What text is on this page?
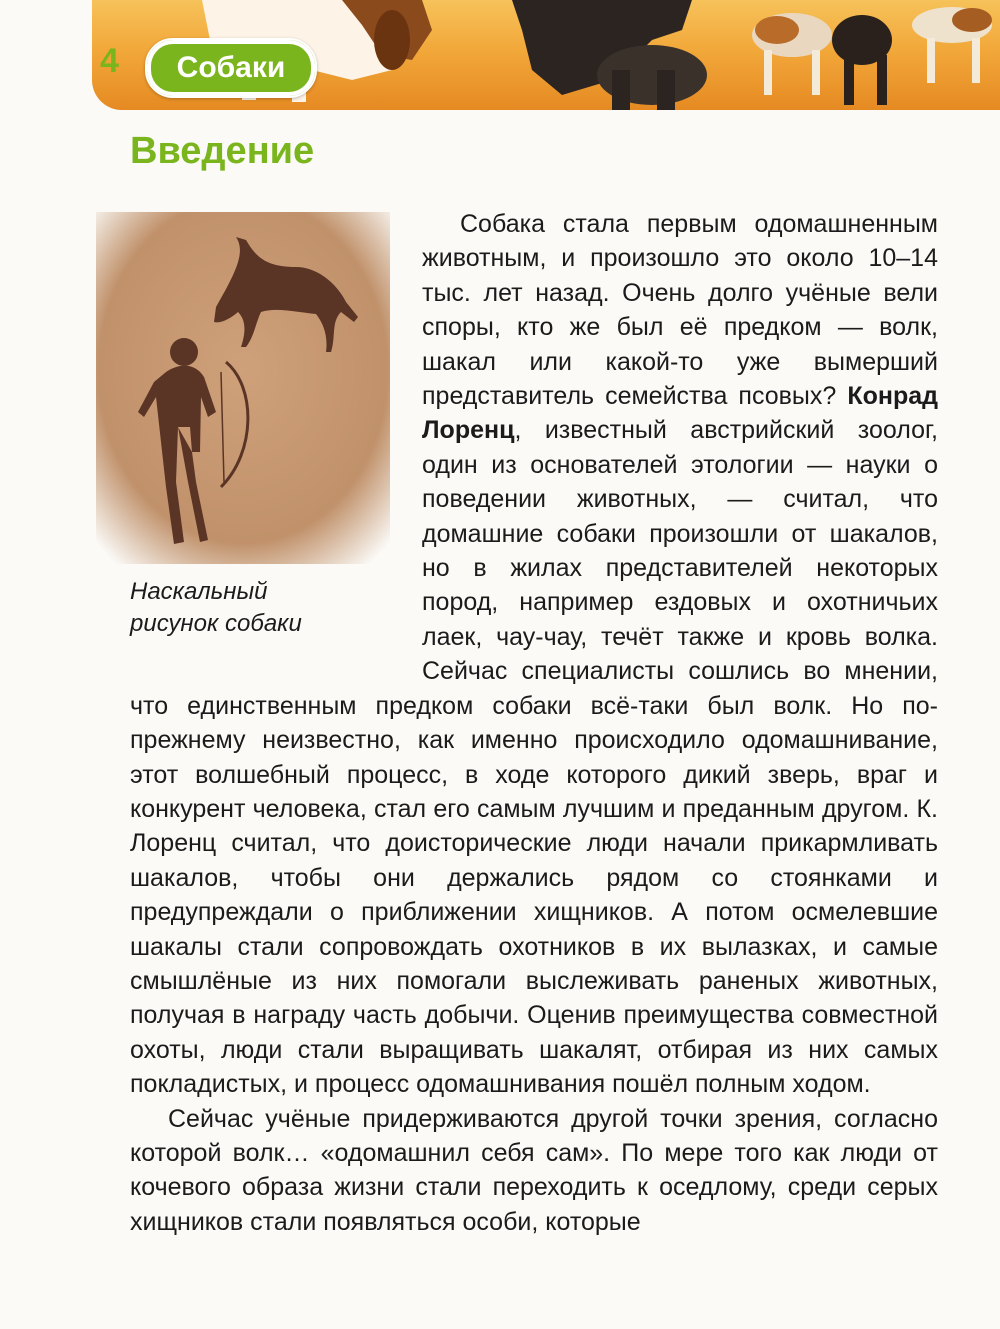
4	Собаки
Введение
Наскальный
рисунок собаки

Собака стала первым одомашненным животным, и произошло это около 10–14 тыс. лет назад. Очень долго учёные вели споры, кто же был её предком — волк, шакал или какой-то уже вымерший представитель семейства псовых? Конрад Лоренц, известный австрийский зоолог, один из основателей этологии — науки о поведении животных, — считал, что домашние собаки произошли от шакалов, но в жилах представителей некоторых пород, например ездовых и охотничьих лаек, чау-чау, течёт также и кровь волка. Сейчас специалисты сошлись во мнении, что единственным предком собаки всё-таки был волк. Но по-прежнему неизвестно, как именно происходило одомашнивание, этот волшебный процесс, в ходе которого дикий зверь, враг и конкурент человека, стал его самым лучшим и преданным другом. К. Лоренц считал, что доисторические люди начали прикармливать шакалов, чтобы они держались рядом со стоянками и предупреждали о приближении хищников. А потом осмелевшие шакалы стали сопровождать охотников в их вылазках, и самые смышлёные из них помогали выслеживать раненых животных, получая в награду часть добычи. Оценив преимущества совместной охоты, люди стали выращивать шакалят, отбирая из них самых покладистых, и процесс одомашнивания пошёл полным ходом.

Сейчас учёные придерживаются другой точки зрения, согласно которой волк… «одомашнил себя сам». По мере того как люди от кочевого образа жизни стали переходить к оседлому, среди серых хищников стали появляться особи, которые
